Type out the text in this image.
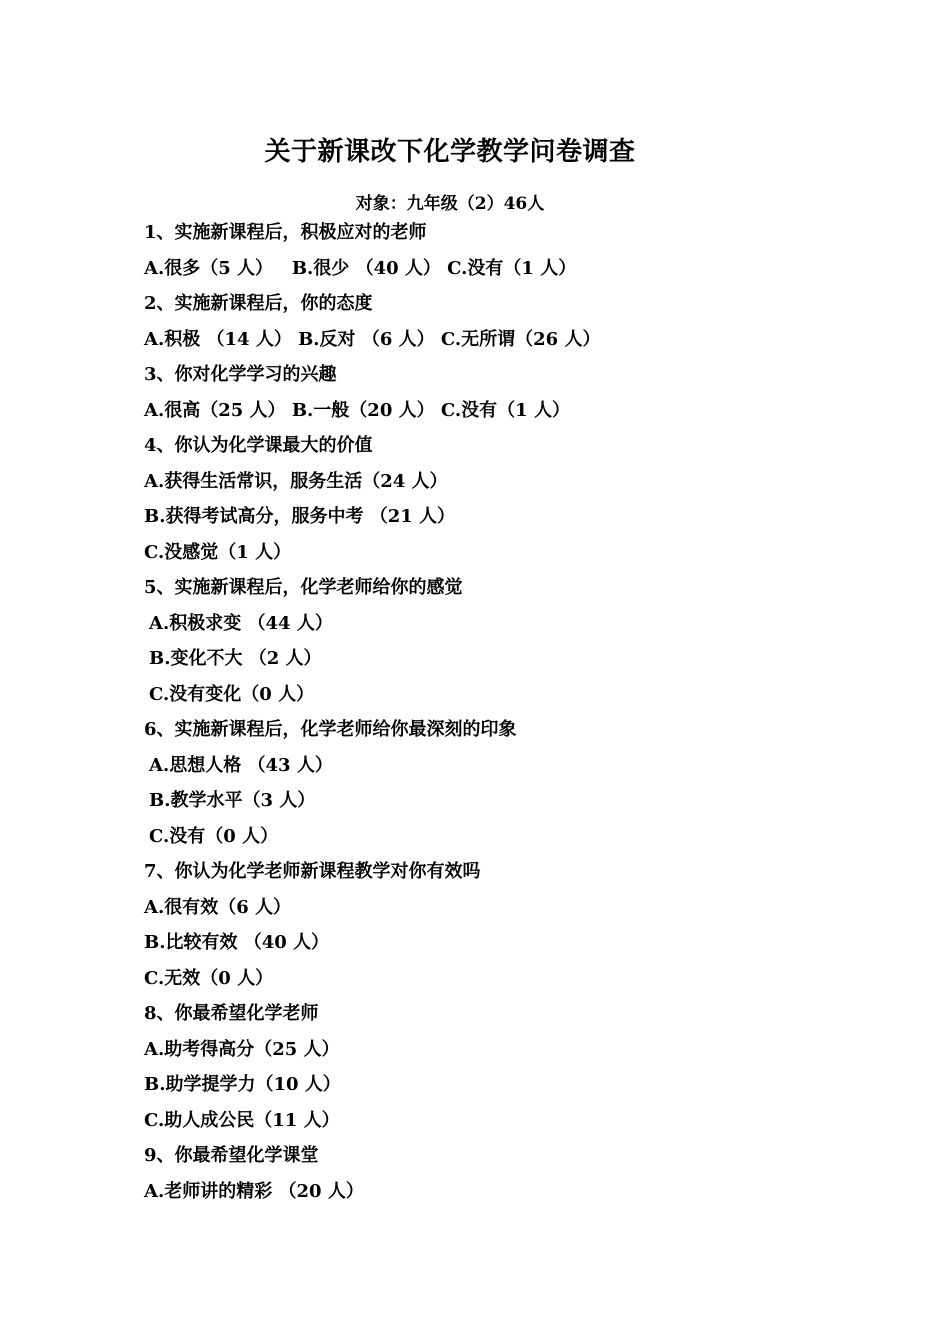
关于新课改下化学教学问卷调查
对象：九年级（2）46人
1、实施新课程后，积极应对的老师
A.很多（5 人）   B.很少 （40 人） C.没有（1 人）
2、实施新课程后，你的态度
A.积极 （14 人） B.反对 （6 人） C.无所谓（26 人）
3、你对化学学习的兴趣
A.很高（25 人） B.一般（20 人） C.没有（1 人）
4、你认为化学课最大的价值
A.获得生活常识，服务生活（24 人）
B.获得考试高分，服务中考 （21 人）
C.没感觉（1 人）
5、实施新课程后，化学老师给你的感觉
A.积极求变 （44 人）
B.变化不大 （2 人）
C.没有变化（0 人）
6、实施新课程后，化学老师给你最深刻的印象
A.思想人格 （43 人）
B.教学水平（3 人）
C.没有（0 人）
7、你认为化学老师新课程教学对你有效吗
A.很有效（6 人）
B.比较有效 （40 人）
C.无效（0 人）
8、你最希望化学老师
A.助考得高分（25 人）
B.助学提学力（10 人）
C.助人成公民（11 人）
9、你最希望化学课堂
A.老师讲的精彩 （20 人）
